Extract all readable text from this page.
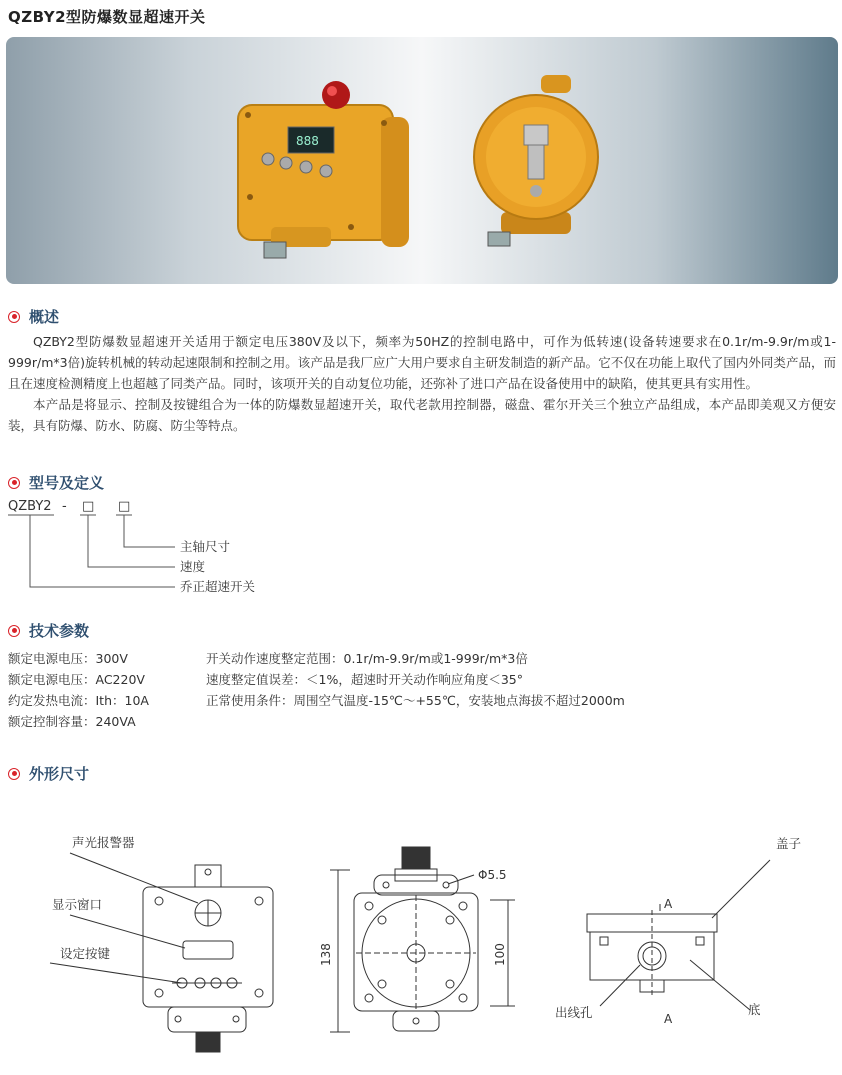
QZBY2型防爆数显超速开关
888
概述

QZBY2型防爆数显超速开关适用于额定电压380V及以下，频率为50HZ的控制电路中，可作为低转速(设备转速要求在0.1r/m-9.9r/m或1-999r/m*3倍)旋转机械的转动起速限制和控制之用。该产品是我厂应广大用户要求自主研发制造的新产品。它不仅在功能上取代了国内外同类产品，而且在速度检测精度上也超越了同类产品。同时，该项开关的自动复位功能，还弥补了进口产品在设备使用中的缺陷，使其更具有实用性。

本产品是将显示、控制及按键组合为一体的防爆数显超速开关，取代老款用控制器，磁盘、霍尔开关三个独立产品组成，本产品即美观又方便安装，具有防爆、防水、防腐、防尘等特点。

型号及定义
QZBY2 - □ □
主轴尺寸
速度
乔正超速开关
技术参数
额定电源电压：300V
额定电源电压：AC220V
约定发热电流：Ith：10A
额定控制容量：240VA
开关动作速度整定范围：0.1r/m-9.9r/m或1-999r/m*3倍
速度整定值误差：＜1%，超速时开关动作响应角度＜35°
正常使用条件：周围空气温度-15℃～+55℃，安装地点海拔不超过2000m
外形尺寸
声光报警器
显示窗口
设定按键
Φ5.5
138	100
盖子
A
A
出线孔	底
